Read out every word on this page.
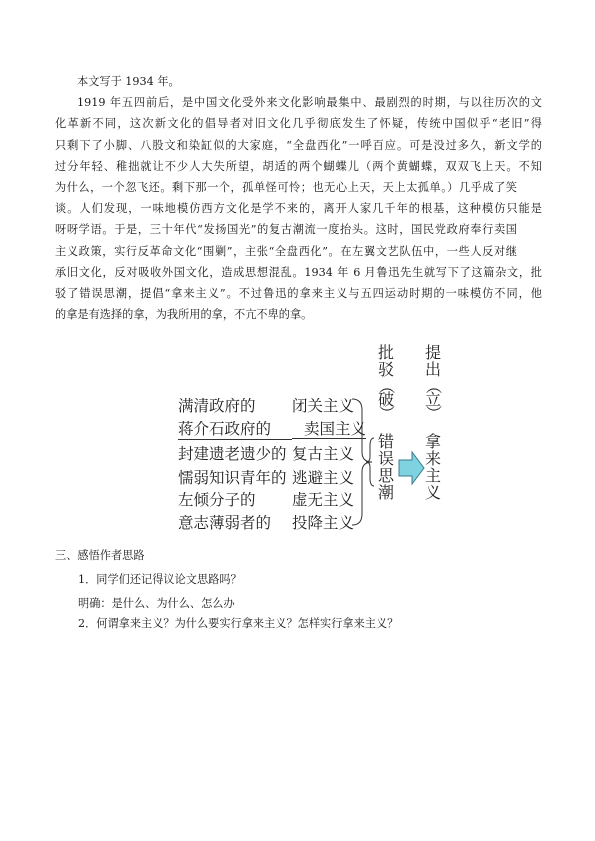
本文写于 1934 年。
1919 年五四前后，是中国文化受外来文化影响最集中、最剧烈的时期，与以往历次的文
化革新不同，这次新文化的倡导者对旧文化几乎彻底发生了怀疑，传统中国似乎“老旧”得
只剩下了小脚、八股文和染缸似的大家庭，“全盘西化”一呼百应。可是没过多久，新文学的
过分年轻、稚拙就让不少人大失所望，胡适的两个蝴蝶儿（两个黄蝴蝶，双双飞上天。不知
为什么，一个忽飞还。剩下那一个，孤单怪可怜；也无心上天，天上太孤单。）几乎成了笑
谈。人们发现，一味地模仿西方文化是学不来的，离开人家几千年的根基，这种模仿只能是
呀呀学语。于是，三十年代“发扬国光”的复古潮流一度抬头。这时，国民党政府奉行卖国
主义政策，实行反革命文化“围剿”，主张“全盘西化”。在左翼文艺队伍中，一些人反对继
承旧文化，反对吸收外国文化，造成思想混乱。1934 年 6 月鲁迅先生就写下了这篇杂文，批
驳了错误思潮，提倡“拿来主义”。不过鲁迅的拿来主义与五四运动时期的一味模仿不同，他
的拿是有选择的拿，为我所用的拿，不亢不卑的拿。
满清政府的 闭关主义
蒋介石政府的 卖国主义
封建遗老遗少的 复古主义
懦弱知识青年的 逃避主义
左倾分子的 虚无主义
意志薄弱者的 投降主义
批驳
（
破
）
提出
（
立
）
错误思潮
拿来主义
三、感悟作者思路
1．同学们还记得议论文思路吗？
明确：是什么、为什么、怎么办
2．何谓拿来主义？为什么要实行拿来主义？怎样实行拿来主义？
